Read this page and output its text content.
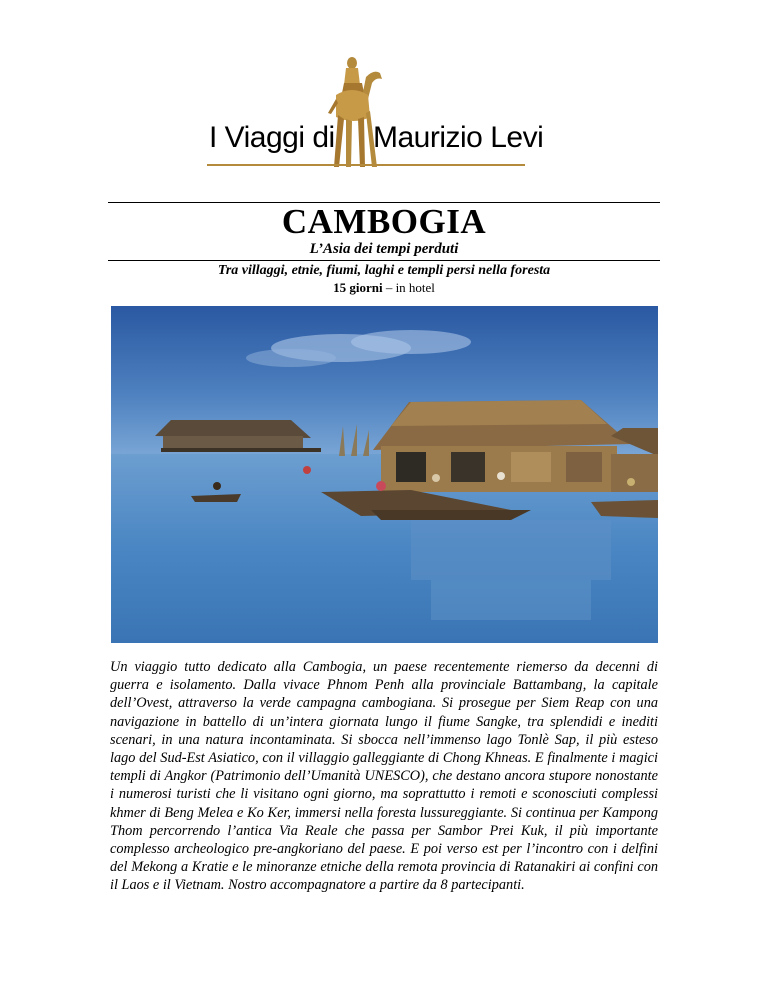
I Viaggi di Maurizio Levi
CAMBOGIA
L’Asia dei tempi perduti
Tra villaggi, etnie, fiumi, laghi e templi persi nella foresta
15 giorni – in hotel
Un viaggio tutto dedicato alla Cambogia, un paese recentemente riemerso da decenni di guerra e isolamento. Dalla vivace Phnom Penh alla provinciale Battambang, la capitale dell’Ovest, attraverso la verde campagna cambogiana. Si prosegue per Siem Reap con una navigazione in battello di un’intera giornata lungo il fiume Sangke, tra splendidi e inediti scenari, in una natura incontaminata. Si sbocca nell’immenso lago Tonlè Sap, il più esteso lago del Sud-Est Asiatico, con il villaggio galleggiante di Chong Khneas. E finalmente i magici templi di Angkor (Patrimonio dell’Umanità UNESCO), che destano ancora stupore nonostante i numerosi turisti che li visitano ogni giorno, ma soprattutto i remoti e sconosciuti complessi khmer di Beng Melea e Ko Ker, immersi nella foresta lussureggiante. Si continua per Kampong Thom percorrendo l’antica Via Reale che passa per Sambor Prei Kuk, il più importante complesso archeologico pre-angkoriano del paese. E poi verso est per l’incontro con i delfini del Mekong a Kratie e le minoranze etniche della remota provincia di Ratanakiri ai confini con il Laos e il Vietnam. Nostro accompagnatore a partire da 8 partecipanti.
